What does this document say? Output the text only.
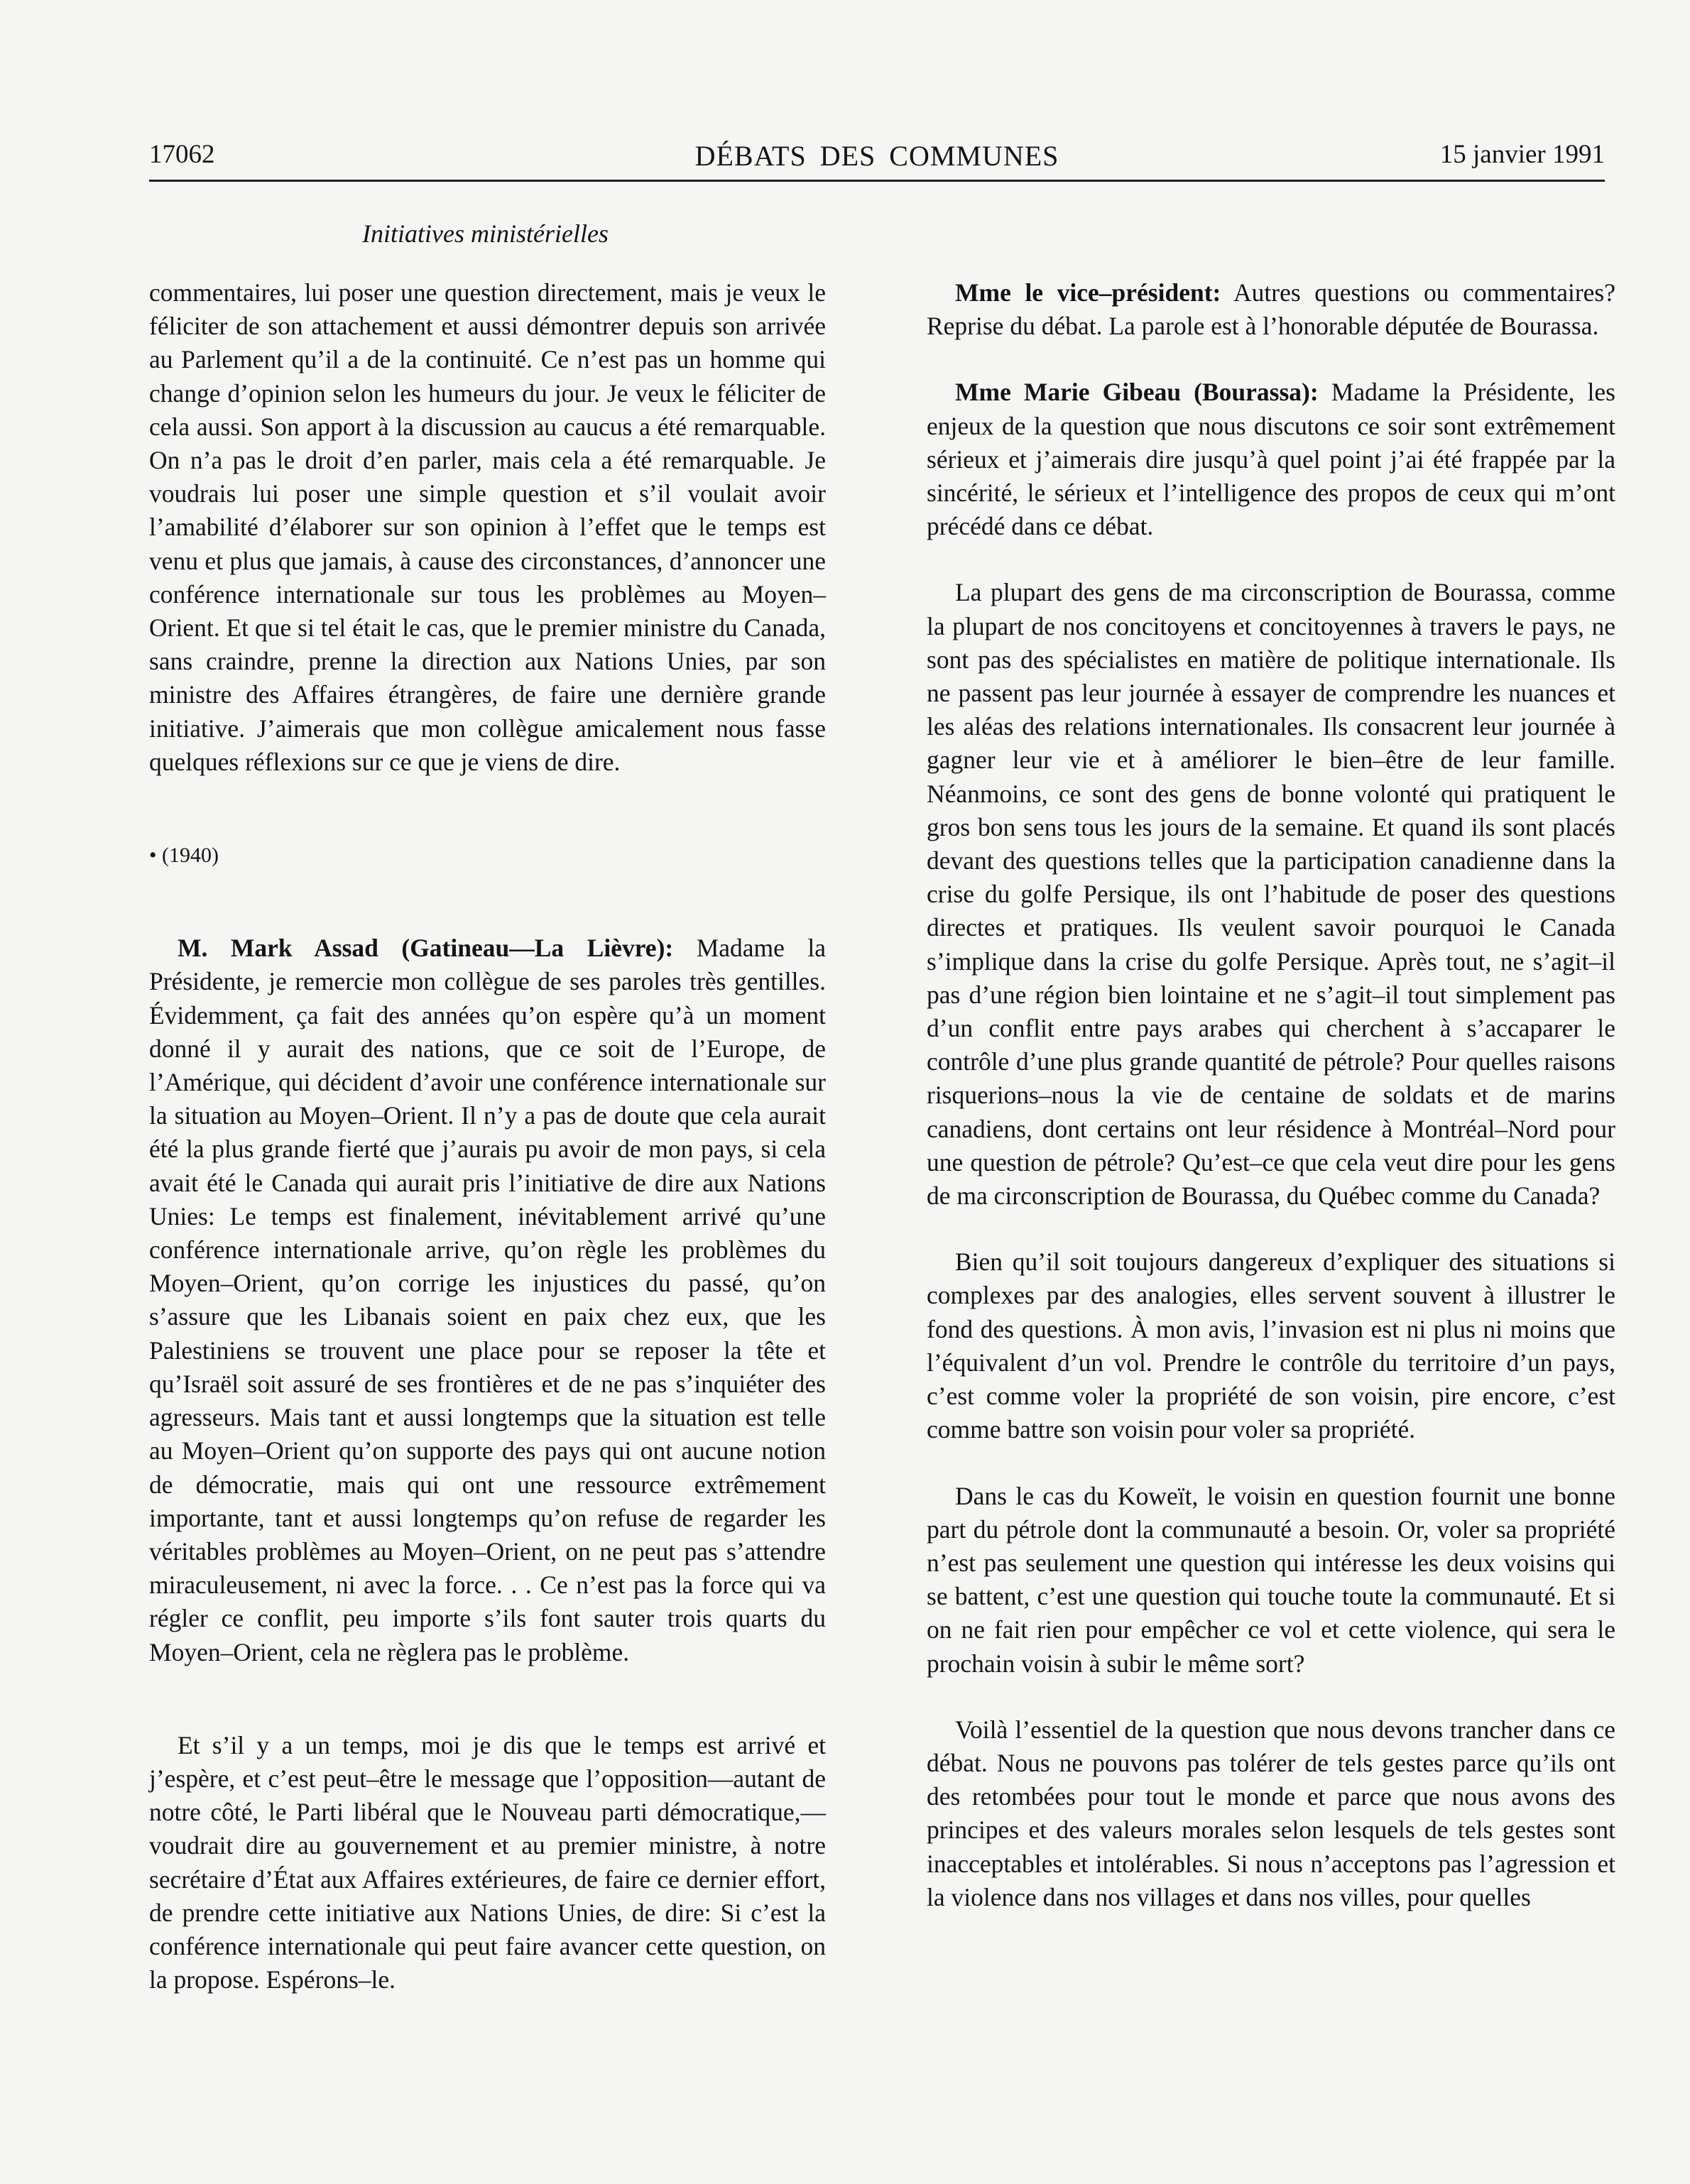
17062	DÉBATS DES COMMUNES	15 janvier 1991
Initiatives ministérielles

commentaires, lui poser une question directement, mais je veux le féliciter de son attachement et aussi démontrer depuis son arrivée au Parlement qu’il a de la continuité. Ce n’est pas un homme qui change d’opinion selon les humeurs du jour. Je veux le féliciter de cela aussi. Son apport à la discussion au caucus a été remarquable. On n’a pas le droit d’en parler, mais cela a été remarquable. Je voudrais lui poser une simple question et s’il voulait avoir l’amabilité d’élaborer sur son opinion à l’effet que le temps est venu et plus que jamais, à cause des circonstances, d’annoncer une conférence internationale sur tous les problèmes au Moyen–Orient. Et que si tel était le cas, que le premier ministre du Canada, sans craindre, prenne la direction aux Nations Unies, par son ministre des Affaires étrangères, de faire une dernière grande initiative. J’aimerais que mon collègue amicalement nous fasse quelques réflexions sur ce que je viens de dire.

• (1940)

M. Mark Assad (Gatineau—La Lièvre): Madame la Présidente, je remercie mon collègue de ses paroles très gentilles. Évidemment, ça fait des années qu’on espère qu’à un moment donné il y aurait des nations, que ce soit de l’Europe, de l’Amérique, qui décident d’avoir une conférence internationale sur la situation au Moyen–Orient. Il n’y a pas de doute que cela aurait été la plus grande fierté que j’aurais pu avoir de mon pays, si cela avait été le Canada qui aurait pris l’initiative de dire aux Nations Unies: Le temps est finalement, inévitablement arrivé qu’une conférence internationale arrive, qu’on règle les problèmes du Moyen–Orient, qu’on corrige les injustices du passé, qu’on s’assure que les Libanais soient en paix chez eux, que les Palestiniens se trouvent une place pour se reposer la tête et qu’Israël soit assuré de ses frontières et de ne pas s’inquiéter des agresseurs. Mais tant et aussi longtemps que la situation est telle au Moyen–Orient qu’on supporte des pays qui ont aucune notion de démocratie, mais qui ont une ressource extrêmement importante, tant et aussi longtemps qu’on refuse de regarder les véritables problèmes au Moyen–Orient, on ne peut pas s’attendre miraculeusement, ni avec la force. . . Ce n’est pas la force qui va régler ce conflit, peu importe s’ils font sauter trois quarts du Moyen–Orient, cela ne règlera pas le problème.

Et s’il y a un temps, moi je dis que le temps est arrivé et j’espère, et c’est peut–être le message que l’opposition—autant de notre côté, le Parti libéral que le Nouveau parti démocratique,—voudrait dire au gouvernement et au premier ministre, à notre secrétaire d’État aux Affaires extérieures, de faire ce dernier effort, de prendre cette initiative aux Nations Unies, de dire: Si c’est la conférence internationale qui peut faire avancer cette question, on la propose. Espérons–le.

Mme le vice–président: Autres questions ou commentaires? Reprise du débat. La parole est à l’honorable députée de Bourassa.

Mme Marie Gibeau (Bourassa): Madame la Présidente, les enjeux de la question que nous discutons ce soir sont extrêmement sérieux et j’aimerais dire jusqu’à quel point j’ai été frappée par la sincérité, le sérieux et l’intelligence des propos de ceux qui m’ont précédé dans ce débat.

La plupart des gens de ma circonscription de Bourassa, comme la plupart de nos concitoyens et concitoyennes à travers le pays, ne sont pas des spécialistes en matière de politique internationale. Ils ne passent pas leur journée à essayer de comprendre les nuances et les aléas des relations internationales. Ils consacrent leur journée à gagner leur vie et à améliorer le bien–être de leur famille. Néanmoins, ce sont des gens de bonne volonté qui pratiquent le gros bon sens tous les jours de la semaine. Et quand ils sont placés devant des questions telles que la participation canadienne dans la crise du golfe Persique, ils ont l’habitude de poser des questions directes et pratiques. Ils veulent savoir pourquoi le Canada s’implique dans la crise du golfe Persique. Après tout, ne s’agit–il pas d’une région bien lointaine et ne s’agit–il tout simplement pas d’un conflit entre pays arabes qui cherchent à s’accaparer le contrôle d’une plus grande quantité de pétrole? Pour quelles raisons risquerions–nous la vie de centaine de soldats et de marins canadiens, dont certains ont leur résidence à Montréal–Nord pour une question de pétrole? Qu’est–ce que cela veut dire pour les gens de ma circonscription de Bourassa, du Québec comme du Canada?

Bien qu’il soit toujours dangereux d’expliquer des situations si complexes par des analogies, elles servent souvent à illustrer le fond des questions. À mon avis, l’invasion est ni plus ni moins que l’équivalent d’un vol. Prendre le contrôle du territoire d’un pays, c’est comme voler la propriété de son voisin, pire encore, c’est comme battre son voisin pour voler sa propriété.

Dans le cas du Koweït, le voisin en question fournit une bonne part du pétrole dont la communauté a besoin. Or, voler sa propriété n’est pas seulement une question qui intéresse les deux voisins qui se battent, c’est une question qui touche toute la communauté. Et si on ne fait rien pour empêcher ce vol et cette violence, qui sera le prochain voisin à subir le même sort?

Voilà l’essentiel de la question que nous devons trancher dans ce débat. Nous ne pouvons pas tolérer de tels gestes parce qu’ils ont des retombées pour tout le monde et parce que nous avons des principes et des valeurs morales selon lesquels de tels gestes sont inacceptables et intolérables. Si nous n’acceptons pas l’agression et la violence dans nos villages et dans nos villes, pour quelles
